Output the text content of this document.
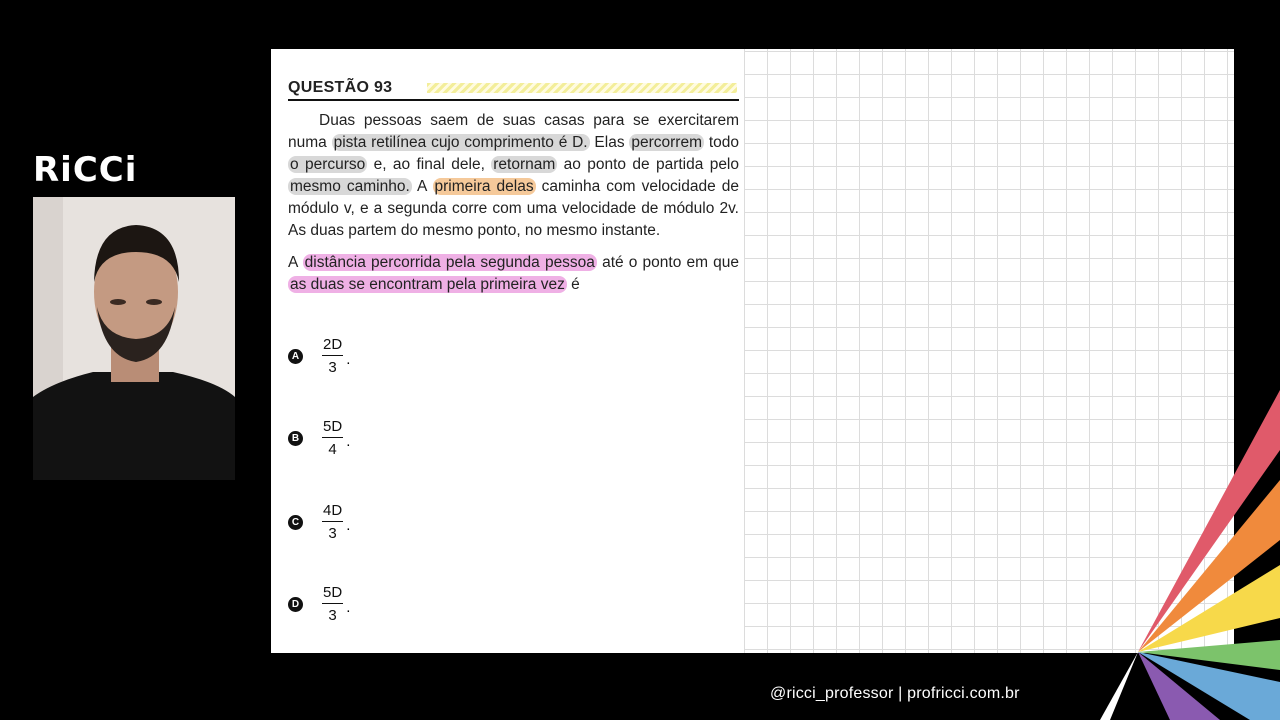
RiCCi
QUESTÃO 93

Duas pessoas saem de suas casas para se exercitarem numa pista retilínea cujo comprimento é D. Elas percorrem todo o percurso e, ao final dele, retornam ao ponto de partida pelo mesmo caminho. A primeira delas caminha com velocidade de módulo v, e a segunda corre com uma velocidade de módulo 2v. As duas partem do mesmo ponto, no mesmo instante.

A distância percorrida pela segunda pessoa até o ponto em que as duas se encontram pela primeira vez é

A $\frac{2D}{3}$ .
B $\frac{5D}{4}$ .
C $\frac{4D}{3}$ .
D $\frac{5D}{3}$ .
@ricci_professor | profricci.com.br
